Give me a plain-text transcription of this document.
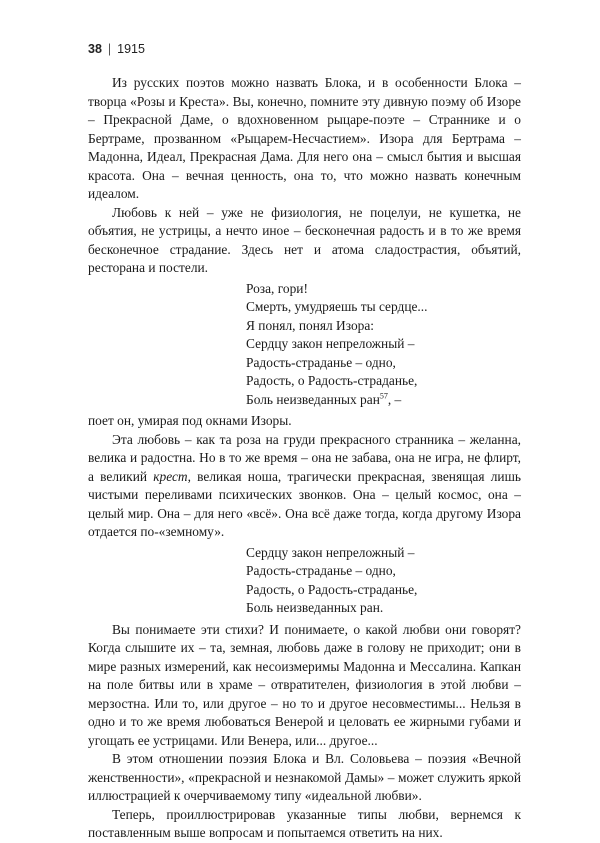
38 | 1915

Из русских поэтов можно назвать Блока, и в особенности Блока – творца «Розы и Креста». Вы, конечно, помните эту дивную поэму об Изоре – Прекрасной Даме, о вдохновенном рыцаре-поэте – Страннике и о Бертраме, прозванном «Рыцарем-Несчастием». Изора для Бертрама – Мадонна, Идеал, Прекрасная Дама. Для него она – смысл бытия и высшая красота. Она – вечная ценность, она то, что можно назвать конечным идеалом.

Любовь к ней – уже не физиология, не поцелуи, не кушетка, не объятия, не устрицы, а нечто иное – бесконечная радость и в то же время бесконечное страдание. Здесь нет и атома сладострастия, объятий, ресторана и постели.

Роза, гори!
Смерть, умудряешь ты сердце...
Я понял, понял Изора:
Сердцу закон непреложный –
Радость-страданье – одно,
Радость, о Радость-страданье,
Боль неизведанных ран$^{57}$, –

поет он, умирая под окнами Изоры.

Эта любовь – как та роза на груди прекрасного странника – желанна, велика и радостна. Но в то же время – она не забава, она не игра, не флирт, а великий крест, великая ноша, трагически прекрасная, звенящая лишь чистыми переливами психических звонков. Она – целый космос, она – целый мир. Она – для него «всё». Она всё даже тогда, когда другому Изора отдается по-«земному».

Сердцу закон непреложный –
Радость-страданье – одно,
Радость, о Радость-страданье,
Боль неизведанных ран.

Вы понимаете эти стихи? И понимаете, о какой любви они говорят? Когда слышите их – та, земная, любовь даже в голову не приходит; они в мире разных измерений, как несоизмеримы Мадонна и Мессалина. Капкан на поле битвы или в храме – отвратителен, физиология в этой любви – мерзостна. Или то, или другое – но то и другое несовместимы... Нельзя в одно и то же время любоваться Венерой и целовать ее жирными губами и угощать ее устрицами. Или Венера, или... другое...

В этом отношении поэзия Блока и Вл. Соловьева – поэзия «Вечной женственности», «прекрасной и незнакомой Дамы» – может служить яркой иллюстрацией к очерчиваемому типу «идеальной любви».

Теперь, проиллюстрировав указанные типы любви, вернемся к поставленным выше вопросам и попытаемся ответить на них.
